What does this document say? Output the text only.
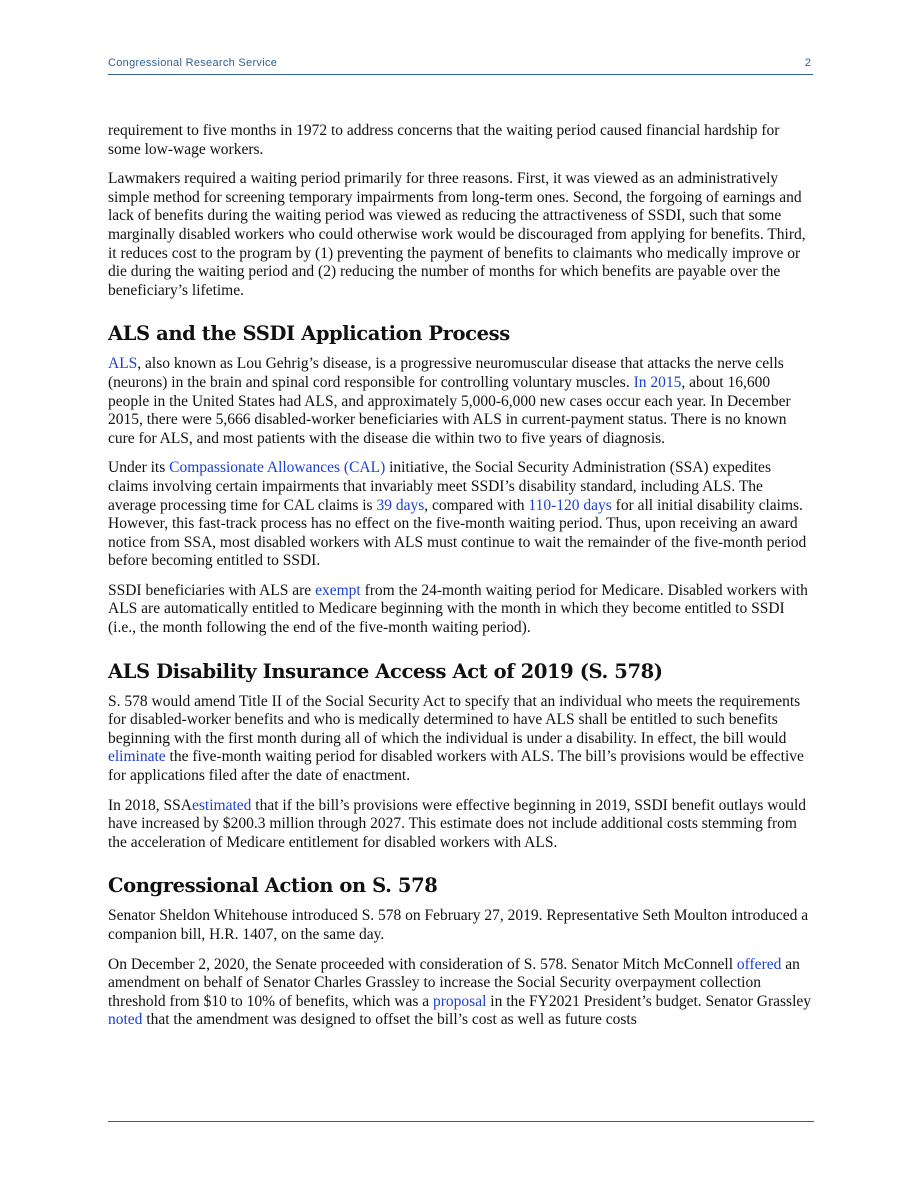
Congressional Research Service	2

requirement to five months in 1972 to address concerns that the waiting period caused financial hardship for some low-wage workers.

Lawmakers required a waiting period primarily for three reasons. First, it was viewed as an administratively simple method for screening temporary impairments from long-term ones. Second, the forgoing of earnings and lack of benefits during the waiting period was viewed as reducing the attractiveness of SSDI, such that some marginally disabled workers who could otherwise work would be discouraged from applying for benefits. Third, it reduces cost to the program by (1) preventing the payment of benefits to claimants who medically improve or die during the waiting period and (2) reducing the number of months for which benefits are payable over the beneficiary’s lifetime.

ALS and the SSDI Application Process

ALS, also known as Lou Gehrig’s disease, is a progressive neuromuscular disease that attacks the nerve cells (neurons) in the brain and spinal cord responsible for controlling voluntary muscles. In 2015, about 16,600 people in the United States had ALS, and approximately 5,000-6,000 new cases occur each year. In December 2015, there were 5,666 disabled-worker beneficiaries with ALS in current-payment status. There is no known cure for ALS, and most patients with the disease die within two to five years of diagnosis.

Under its Compassionate Allowances (CAL) initiative, the Social Security Administration (SSA) expedites claims involving certain impairments that invariably meet SSDI’s disability standard, including ALS. The average processing time for CAL claims is 39 days, compared with 110-120 days for all initial disability claims. However, this fast-track process has no effect on the five-month waiting period. Thus, upon receiving an award notice from SSA, most disabled workers with ALS must continue to wait the remainder of the five-month period before becoming entitled to SSDI.

SSDI beneficiaries with ALS are exempt from the 24-month waiting period for Medicare. Disabled workers with ALS are automatically entitled to Medicare beginning with the month in which they become entitled to SSDI (i.e., the month following the end of the five-month waiting period).

ALS Disability Insurance Access Act of 2019 (S. 578)

S. 578 would amend Title II of the Social Security Act to specify that an individual who meets the requirements for disabled-worker benefits and who is medically determined to have ALS shall be entitled to such benefits beginning with the first month during all of which the individual is under a disability. In effect, the bill would eliminate the five-month waiting period for disabled workers with ALS. The bill’s provisions would be effective for applications filed after the date of enactment.

In 2018, SSAestimated that if the bill’s provisions were effective beginning in 2019, SSDI benefit outlays would have increased by $200.3 million through 2027. This estimate does not include additional costs stemming from the acceleration of Medicare entitlement for disabled workers with ALS.

Congressional Action on S. 578

Senator Sheldon Whitehouse introduced S. 578 on February 27, 2019. Representative Seth Moulton introduced a companion bill, H.R. 1407, on the same day.

On December 2, 2020, the Senate proceeded with consideration of S. 578. Senator Mitch McConnell offered an amendment on behalf of Senator Charles Grassley to increase the Social Security overpayment collection threshold from $10 to 10% of benefits, which was a proposal in the FY2021 President’s budget. Senator Grassley noted that the amendment was designed to offset the bill’s cost as well as future costs
